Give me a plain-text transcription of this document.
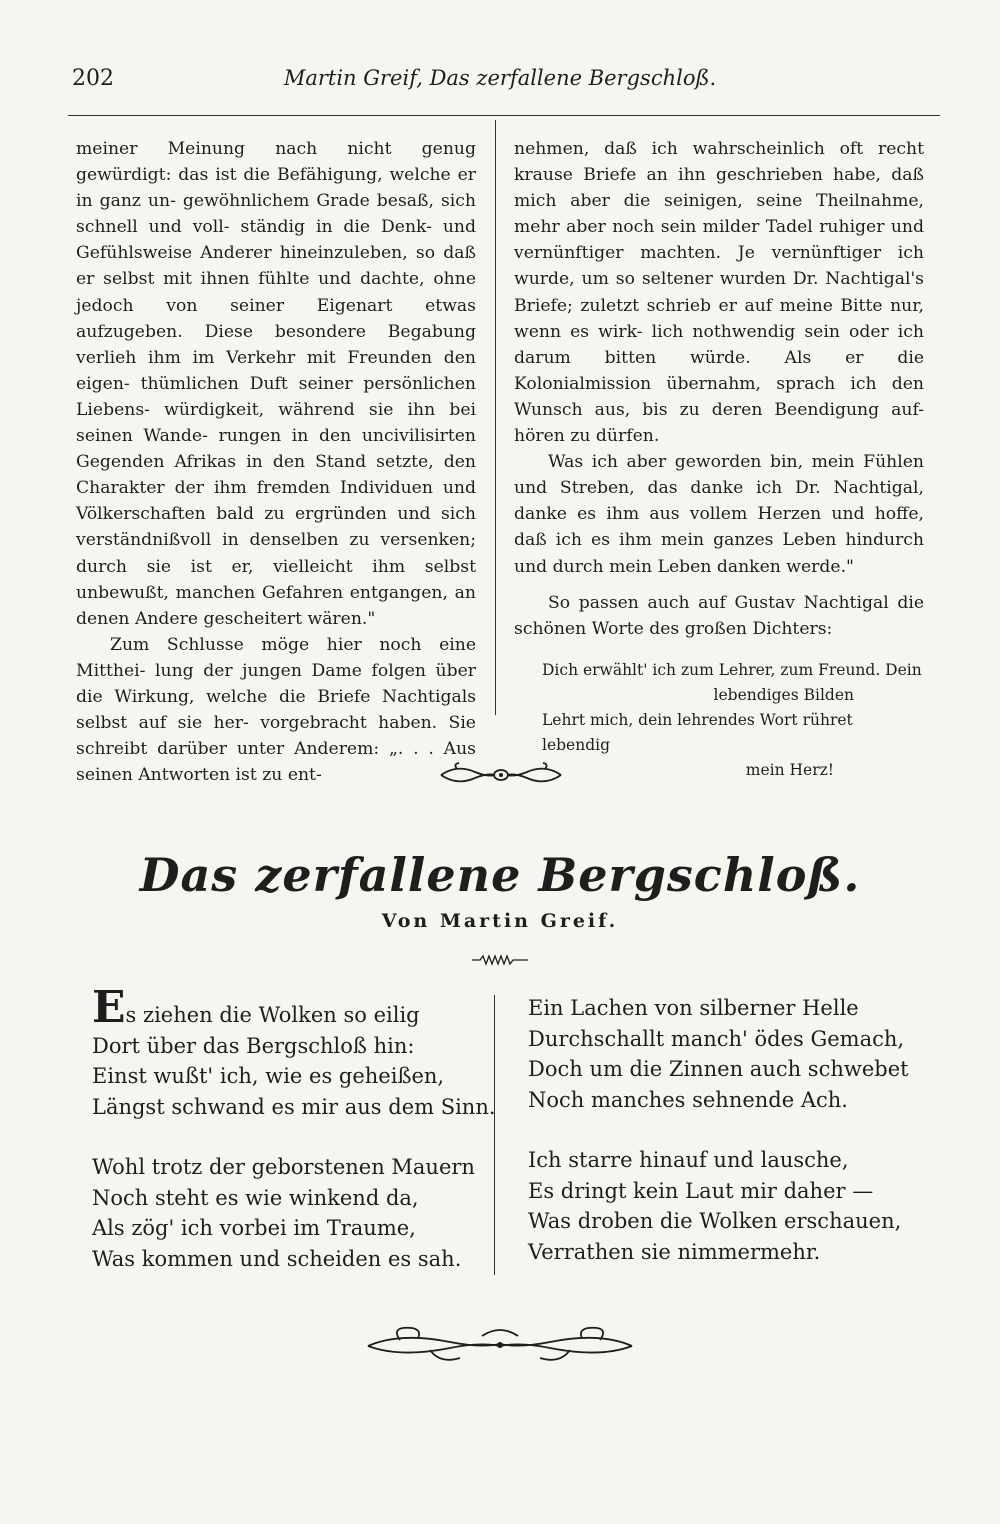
202	Martin Greif, Das zerfallene Bergschloß.

meiner Meinung nach nicht genug gewürdigt: das ist die Befähigung, welche er in ganz un- gewöhnlichem Grade besaß, sich schnell und voll- ständig in die Denk- und Gefühlsweise Anderer hineinzuleben, so daß er selbst mit ihnen fühlte und dachte, ohne jedoch von seiner Eigenart etwas aufzugeben. Diese besondere Begabung verlieh ihm im Verkehr mit Freunden den eigen- thümlichen Duft seiner persönlichen Liebens- würdigkeit, während sie ihn bei seinen Wande- rungen in den uncivilisirten Gegenden Afrikas in den Stand setzte, den Charakter der ihm fremden Individuen und Völkerschaften bald zu ergründen und sich verständnißvoll in denselben zu versenken; durch sie ist er, vielleicht ihm selbst unbewußt, manchen Gefahren entgangen, an denen Andere gescheitert wären."

Zum Schlusse möge hier noch eine Mitthei- lung der jungen Dame folgen über die Wirkung, welche die Briefe Nachtigals selbst auf sie her- vorgebracht haben. Sie schreibt darüber unter Anderem: „. . . Aus seinen Antworten ist zu ent-

nehmen, daß ich wahrscheinlich oft recht krause Briefe an ihn geschrieben habe, daß mich aber die seinigen, seine Theilnahme, mehr aber noch sein milder Tadel ruhiger und vernünftiger machten. Je vernünftiger ich wurde, um so seltener wurden Dr. Nachtigal's Briefe; zuletzt schrieb er auf meine Bitte nur, wenn es wirk- lich nothwendig sein oder ich darum bitten würde. Als er die Kolonialmission übernahm, sprach ich den Wunsch aus, bis zu deren Beendigung auf- hören zu dürfen.

Was ich aber geworden bin, mein Fühlen und Streben, das danke ich Dr. Nachtigal, danke es ihm aus vollem Herzen und hoffe, daß ich es ihm mein ganzes Leben hindurch und durch mein Leben danken werde."

So passen auch auf Gustav Nachtigal die schönen Worte des großen Dichters:

Dich erwählt' ich zum Lehrer, zum Freund. Dein
lebendiges Bilden
Lehrt mich, dein lehrendes Wort rühret lebendig
mein Herz!
Das zerfallene Bergschloß.
Von Martin Greif.
Es ziehen die Wolken so eilig
Dort über das Bergschloß hin:
Einst wußt' ich, wie es geheißen,
Längst schwand es mir aus dem Sinn.
Wohl trotz der geborstenen Mauern
Noch steht es wie winkend da,
Als zög' ich vorbei im Traume,
Was kommen und scheiden es sah.
Ein Lachen von silberner Helle
Durchschallt manch' ödes Gemach,
Doch um die Zinnen auch schwebet
Noch manches sehnende Ach.
Ich starre hinauf und lausche,
Es dringt kein Laut mir daher —
Was droben die Wolken erschauen,
Verrathen sie nimmermehr.
